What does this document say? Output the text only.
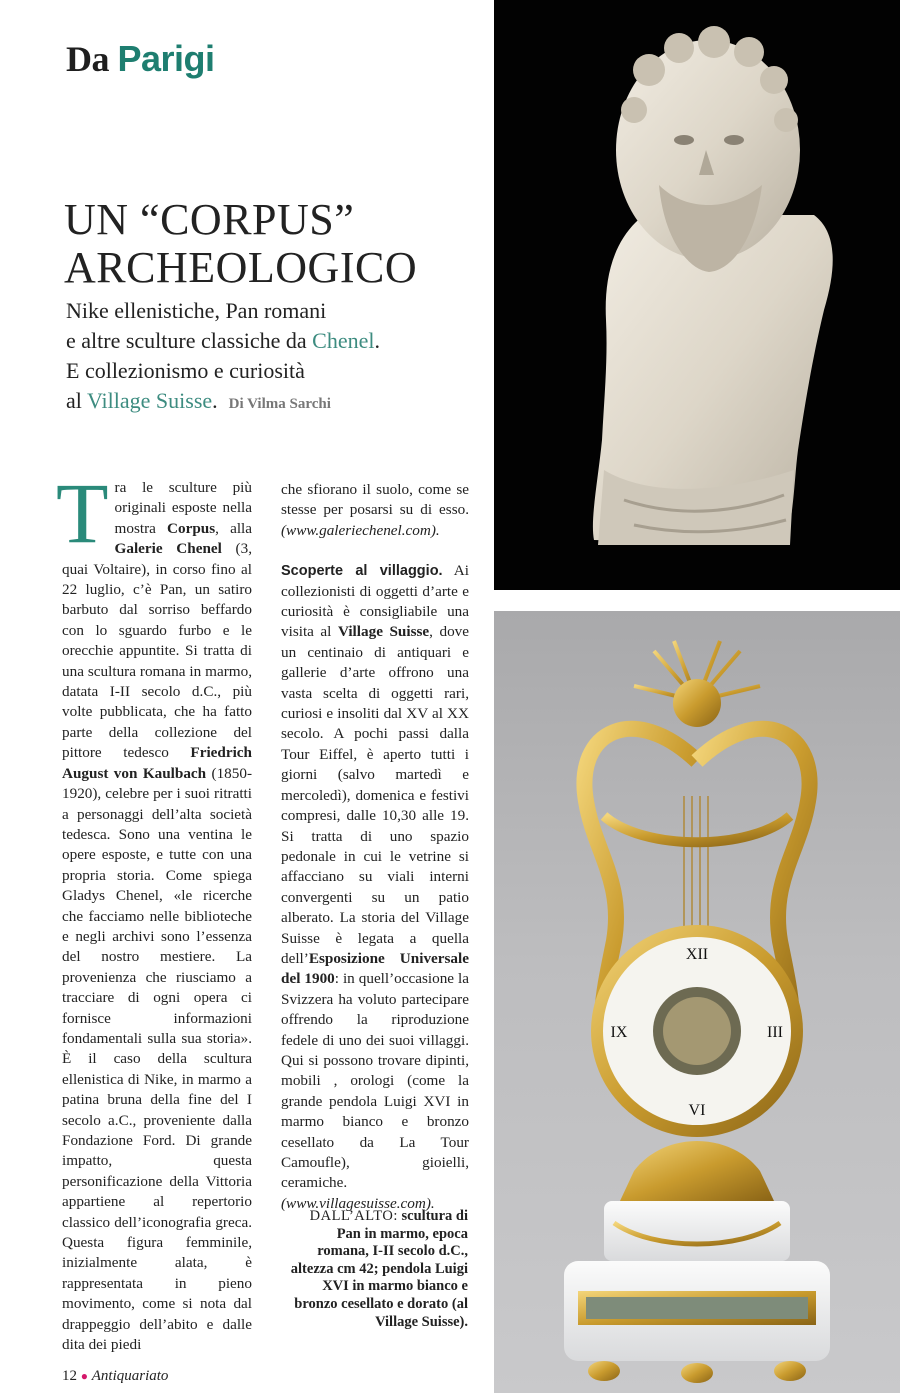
Da Parigi
UN “CORPUS”
ARCHEOLOGICO
Nike ellenistiche, Pan romani
e altre sculture classiche da Chenel.
E collezionismo e curiosità
al Village Suisse. Di Vilma Sarchi

Tra le sculture più originali esposte nella mostra Corpus, alla Galerie Chenel (3, quai Voltaire), in corso fino al 22 luglio, c’è Pan, un satiro barbuto dal sorriso beffardo con lo sguardo furbo e le orecchie appuntite. Si tratta di una scultura romana in marmo, datata I-II secolo d.C., più volte pubblicata, che ha fatto parte della collezione del pittore tedesco Friedrich August von Kaulbach (1850-1920), celebre per i suoi ritratti a personaggi dell’alta società tedesca. Sono una ventina le opere esposte, e tutte con una propria storia. Come spiega Gladys Chenel, «le ricerche che facciamo nelle biblioteche e negli archivi sono l’essenza del nostro mestiere. La provenienza che riusciamo a tracciare di ogni opera ci fornisce informazioni fondamentali sulla sua storia». È il caso della scultura ellenistica di Nike, in marmo a patina bruna della fine del I secolo a.C., proveniente dalla Fondazione Ford. Di grande impatto, questa personificazione della Vittoria appartiene al repertorio classico dell’iconografia greca. Questa figura femminile, inizialmente alata, è rappresentata in pieno movimento, come si nota dal drappeggio dell’abito e dalle dita dei piedi

che sfiorano il suolo, come se stesse per posarsi su di esso. (www.galeriechenel.com).

Scoperte al villaggio. Ai collezionisti di oggetti d’arte e curiosità è consigliabile una visita al Village Suisse, dove un centinaio di antiquari e gallerie d’arte offrono una vasta scelta di oggetti rari, curiosi e insoliti dal XV al XX secolo. A pochi passi dalla Tour Eiffel, è aperto tutti i giorni (salvo martedì e mercoledì), domenica e festivi compresi, dalle 10,30 alle 19. Si tratta di uno spazio pedonale in cui le vetrine si affacciano su viali interni convergenti su un patio alberato. La storia del Village Suisse è legata a quella dell’Esposizione Universale del 1900: in quell’occasione la Svizzera ha voluto partecipare offrendo la riproduzione fedele di uno dei suoi villaggi. Qui si possono trovare dipinti, mobili , orologi (come la grande pendola Luigi XVI in marmo bianco e bronzo cesellato da La Tour Camoufle), gioielli, ceramiche. (www.villagesuisse.com).

DALL’ALTO: scultura di Pan in marmo, epoca romana, I-II secolo d.C., altezza cm 42; pendola Luigi XVI in marmo bianco e bronzo cesellato e dorato (al Village Suisse).
12 ● Antiquariato
XII
VI
IX	III
